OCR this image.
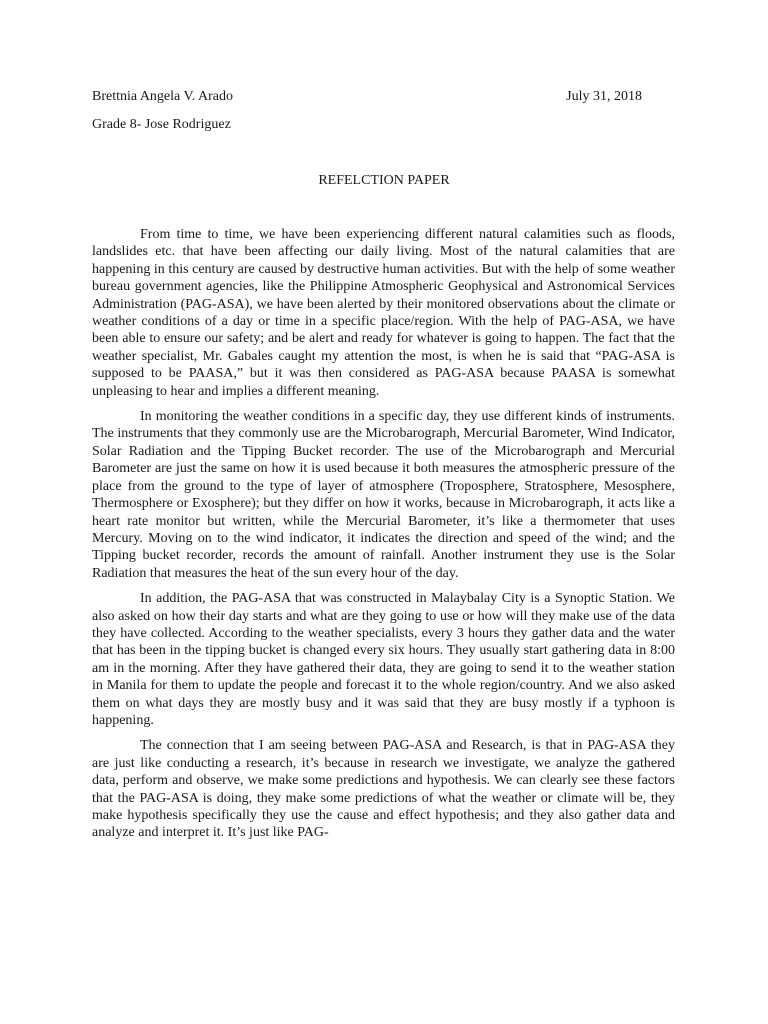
Brettnia Angela V. Arado	July 31, 2018
Grade 8- Jose Rodriguez
REFELCTION PAPER

From time to time, we have been experiencing different natural calamities such as floods, landslides etc. that have been affecting our daily living. Most of the natural calamities that are happening in this century are caused by destructive human activities. But with the help of some weather bureau government agencies, like the Philippine Atmospheric Geophysical and Astronomical Services Administration (PAG-ASA), we have been alerted by their monitored observations about the climate or weather conditions of a day or time in a specific place/region. With the help of PAG-ASA, we have been able to ensure our safety; and be alert and ready for whatever is going to happen. The fact that the weather specialist, Mr. Gabales caught my attention the most, is when he is said that “PAG-ASA is supposed to be PAASA,” but it was then considered as PAG-ASA because PAASA is somewhat unpleasing to hear and implies a different meaning.

In monitoring the weather conditions in a specific day, they use different kinds of instruments. The instruments that they commonly use are the Microbarograph, Mercurial Barometer, Wind Indicator, Solar Radiation and the Tipping Bucket recorder. The use of the Microbarograph and Mercurial Barometer are just the same on how it is used because it both measures the atmospheric pressure of the place from the ground to the type of layer of atmosphere (Troposphere, Stratosphere, Mesosphere, Thermosphere or Exosphere); but they differ on how it works, because in Microbarograph, it acts like a heart rate monitor but written, while the Mercurial Barometer, it’s like a thermometer that uses Mercury. Moving on to the wind indicator, it indicates the direction and speed of the wind; and the Tipping bucket recorder, records the amount of rainfall. Another instrument they use is the Solar Radiation that measures the heat of the sun every hour of the day.

In addition, the PAG-ASA that was constructed in Malaybalay City is a Synoptic Station. We also asked on how their day starts and what are they going to use or how will they make use of the data they have collected. According to the weather specialists, every 3 hours they gather data and the water that has been in the tipping bucket is changed every six hours. They usually start gathering data in 8:00 am in the morning. After they have gathered their data, they are going to send it to the weather station in Manila for them to update the people and forecast it to the whole region/country. And we also asked them on what days they are mostly busy and it was said that they are busy mostly if a typhoon is happening.

The connection that I am seeing between PAG-ASA and Research, is that in PAG-ASA they are just like conducting a research, it’s because in research we investigate, we analyze the gathered data, perform and observe, we make some predictions and hypothesis. We can clearly see these factors that the PAG-ASA is doing, they make some predictions of what the weather or climate will be, they make hypothesis specifically they use the cause and effect hypothesis; and they also gather data and analyze and interpret it. It’s just like PAG-
